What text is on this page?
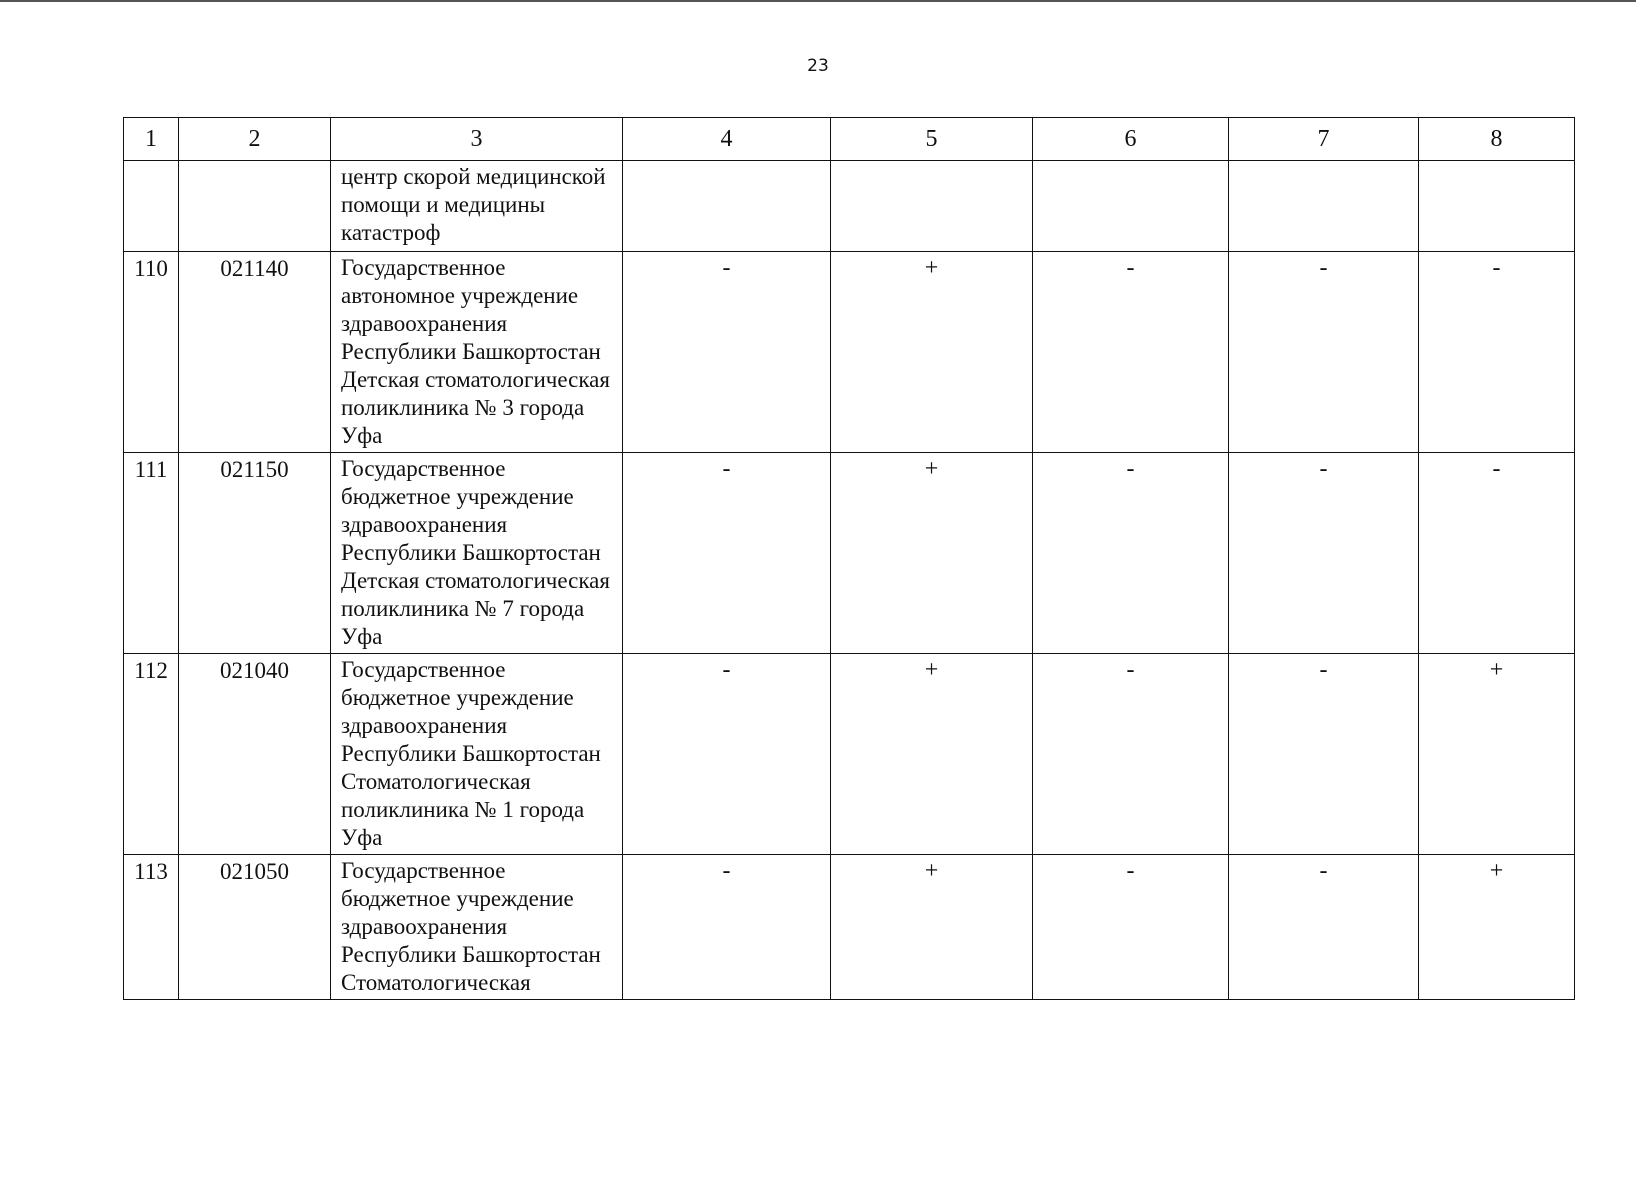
23
1	2	3	4	5	6	7	8
		центр скорой медицинской помощи и медицины катастроф					
110	021140	Государственное автономное учреждение здравоохранения Республики Башкортостан Детская стоматологическая поликлиника № 3 города Уфа	-	+	-	-	-
111	021150	Государственное бюджетное учреждение здравоохранения Республики Башкортостан Детская стоматологическая поликлиника № 7 города Уфа	-	+	-	-	-
112	021040	Государственное бюджетное учреждение здравоохранения Республики Башкортостан Стоматологическая поликлиника № 1 города Уфа	-	+	-	-	+
113	021050	Государственное бюджетное учреждение здравоохранения Республики Башкортостан Стоматологическая	-	+	-	-	+
